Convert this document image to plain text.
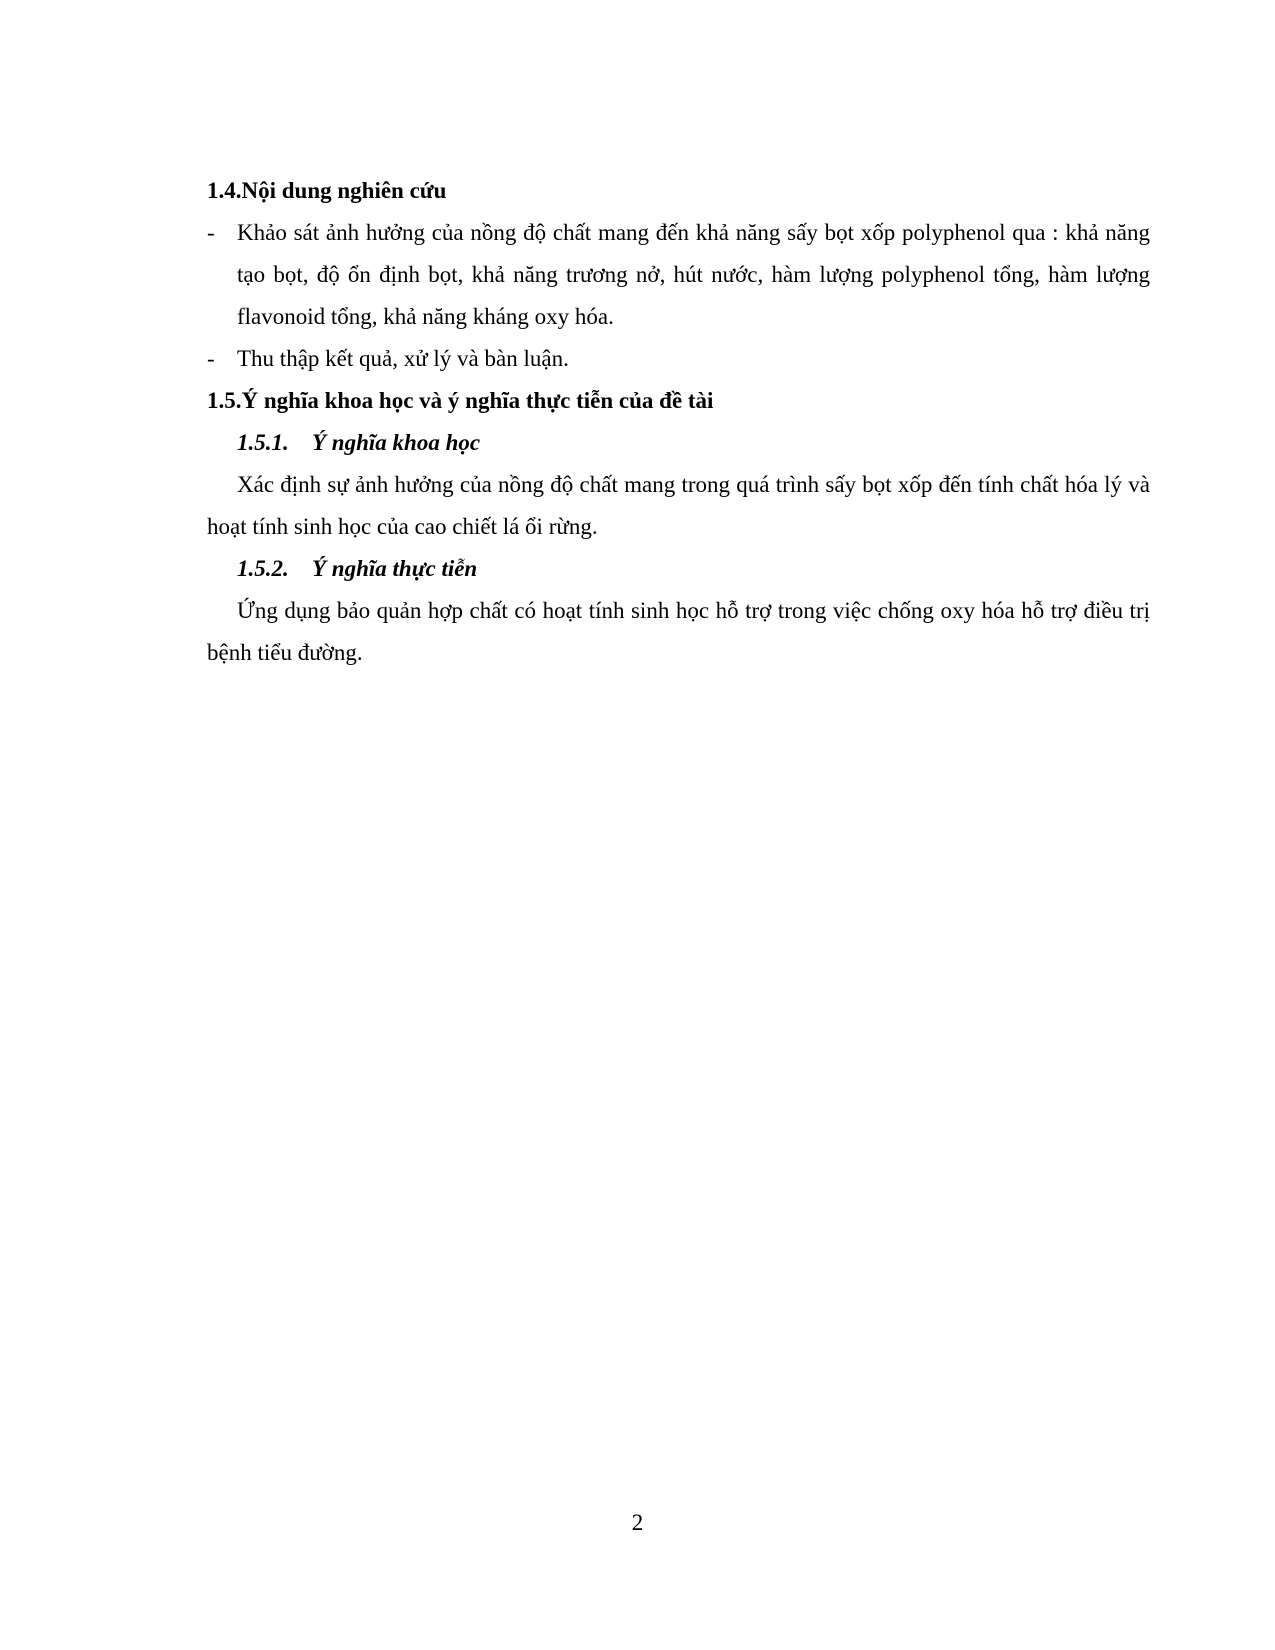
1.4.Nội dung nghiên cứu

- Khảo sát ảnh hưởng của nồng độ chất mang đến khả năng sấy bọt xốp polyphenol qua : khả năng tạo bọt, độ ổn định bọt, khả năng trương nở, hút nước, hàm lượng polyphenol tổng, hàm lượng flavonoid tổng, khả năng kháng oxy hóa.

- Thu thập kết quả, xử lý và bàn luận.

1.5.Ý nghĩa khoa học và ý nghĩa thực tiễn của đề tài

1.5.1. Ý nghĩa khoa học

Xác định sự ảnh hưởng của nồng độ chất mang trong quá trình sấy bọt xốp đến tính chất hóa lý và hoạt tính sinh học của cao chiết lá ổi rừng.

1.5.2. Ý nghĩa thực tiễn

Ứng dụng bảo quản hợp chất có hoạt tính sinh học hỗ trợ trong việc chống oxy hóa hỗ trợ điều trị bệnh tiểu đường.

2
